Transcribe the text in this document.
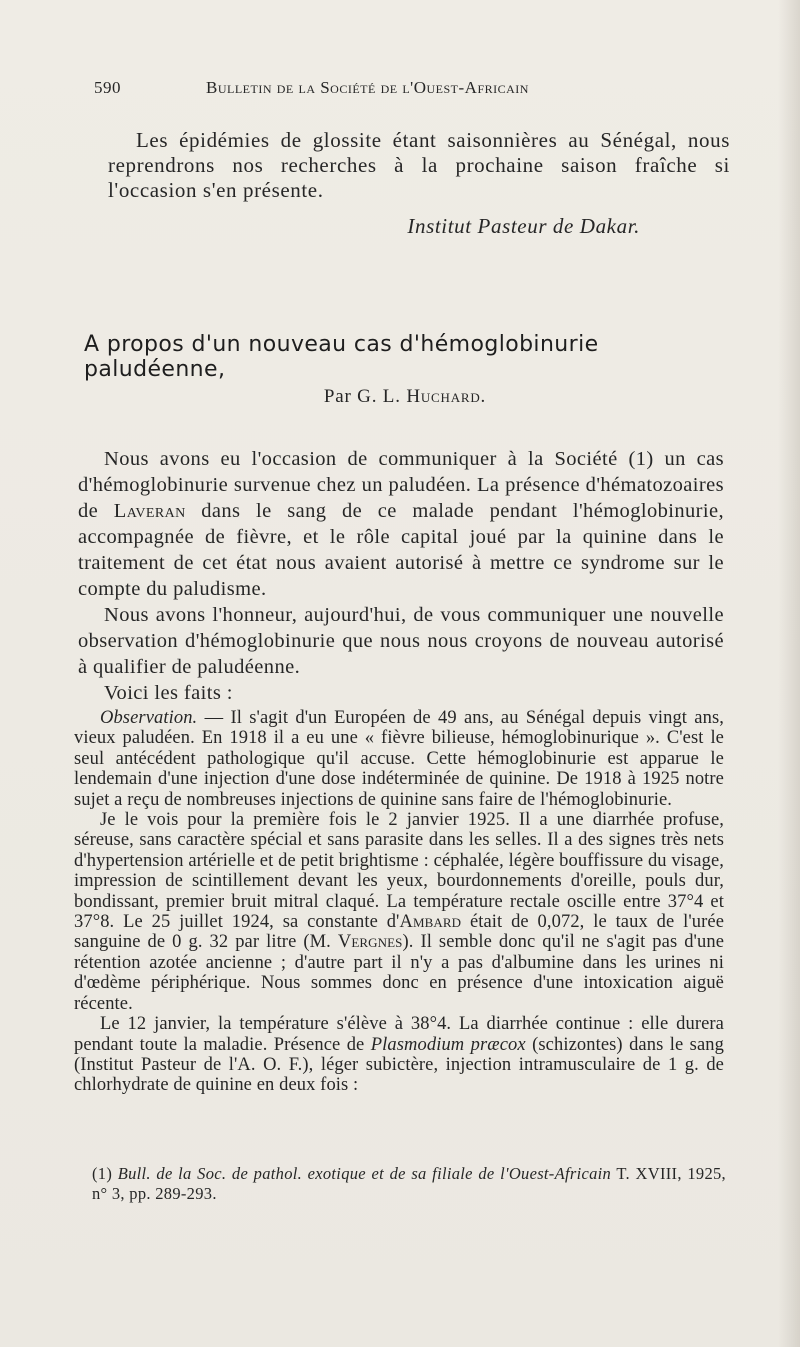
590	Bulletin de la Société de l'Ouest-Africain

Les épidémies de glossite étant saisonnières au Sénégal, nous reprendrons nos recherches à la prochaine saison fraîche si l'occasion s'en présente.

Institut Pasteur de Dakar.
A propos d'un nouveau cas d'hémoglobinurie paludéenne,
Par G. L. Huchard.

Nous avons eu l'occasion de communiquer à la Société (1) un cas d'hémoglobinurie survenue chez un paludéen. La présence d'hématozoaires de Laveran dans le sang de ce malade pendant l'hémoglobinurie, accompagnée de fièvre, et le rôle capital joué par la quinine dans le traitement de cet état nous avaient autorisé à mettre ce syndrome sur le compte du paludisme.

Nous avons l'honneur, aujourd'hui, de vous communiquer une nouvelle observation d'hémoglobinurie que nous nous croyons de nouveau autorisé à qualifier de paludéenne.

Voici les faits :

Observation. — Il s'agit d'un Européen de 49 ans, au Sénégal depuis vingt ans, vieux paludéen. En 1918 il a eu une « fièvre bilieuse, hémoglobinurique ». C'est le seul antécédent pathologique qu'il accuse. Cette hémoglobinurie est apparue le lendemain d'une injection d'une dose indéterminée de quinine. De 1918 à 1925 notre sujet a reçu de nombreuses injections de quinine sans faire de l'hémoglobinurie.

Je le vois pour la première fois le 2 janvier 1925. Il a une diarrhée profuse, séreuse, sans caractère spécial et sans parasite dans les selles. Il a des signes très nets d'hypertension artérielle et de petit brightisme : céphalée, légère bouffissure du visage, impression de scintillement devant les yeux, bourdonnements d'oreille, pouls dur, bondissant, premier bruit mitral claqué. La température rectale oscille entre 37°4 et 37°8. Le 25 juillet 1924, sa constante d'Ambard était de 0,072, le taux de l'urée sanguine de 0 g. 32 par litre (M. Vergnes). Il semble donc qu'il ne s'agit pas d'une rétention azotée ancienne ; d'autre part il n'y a pas d'albumine dans les urines ni d'œdème périphérique. Nous sommes donc en présence d'une intoxication aiguë récente.

Le 12 janvier, la température s'élève à 38°4. La diarrhée continue : elle durera pendant toute la maladie. Présence de Plasmodium præcox (schizontes) dans le sang (Institut Pasteur de l'A. O. F.), léger subictère, injection intramusculaire de 1 g. de chlorhydrate de quinine en deux fois :

(1) Bull. de la Soc. de pathol. exotique et de sa filiale de l'Ouest-Africain T. XVIII, 1925, n° 3, pp. 289-293.
